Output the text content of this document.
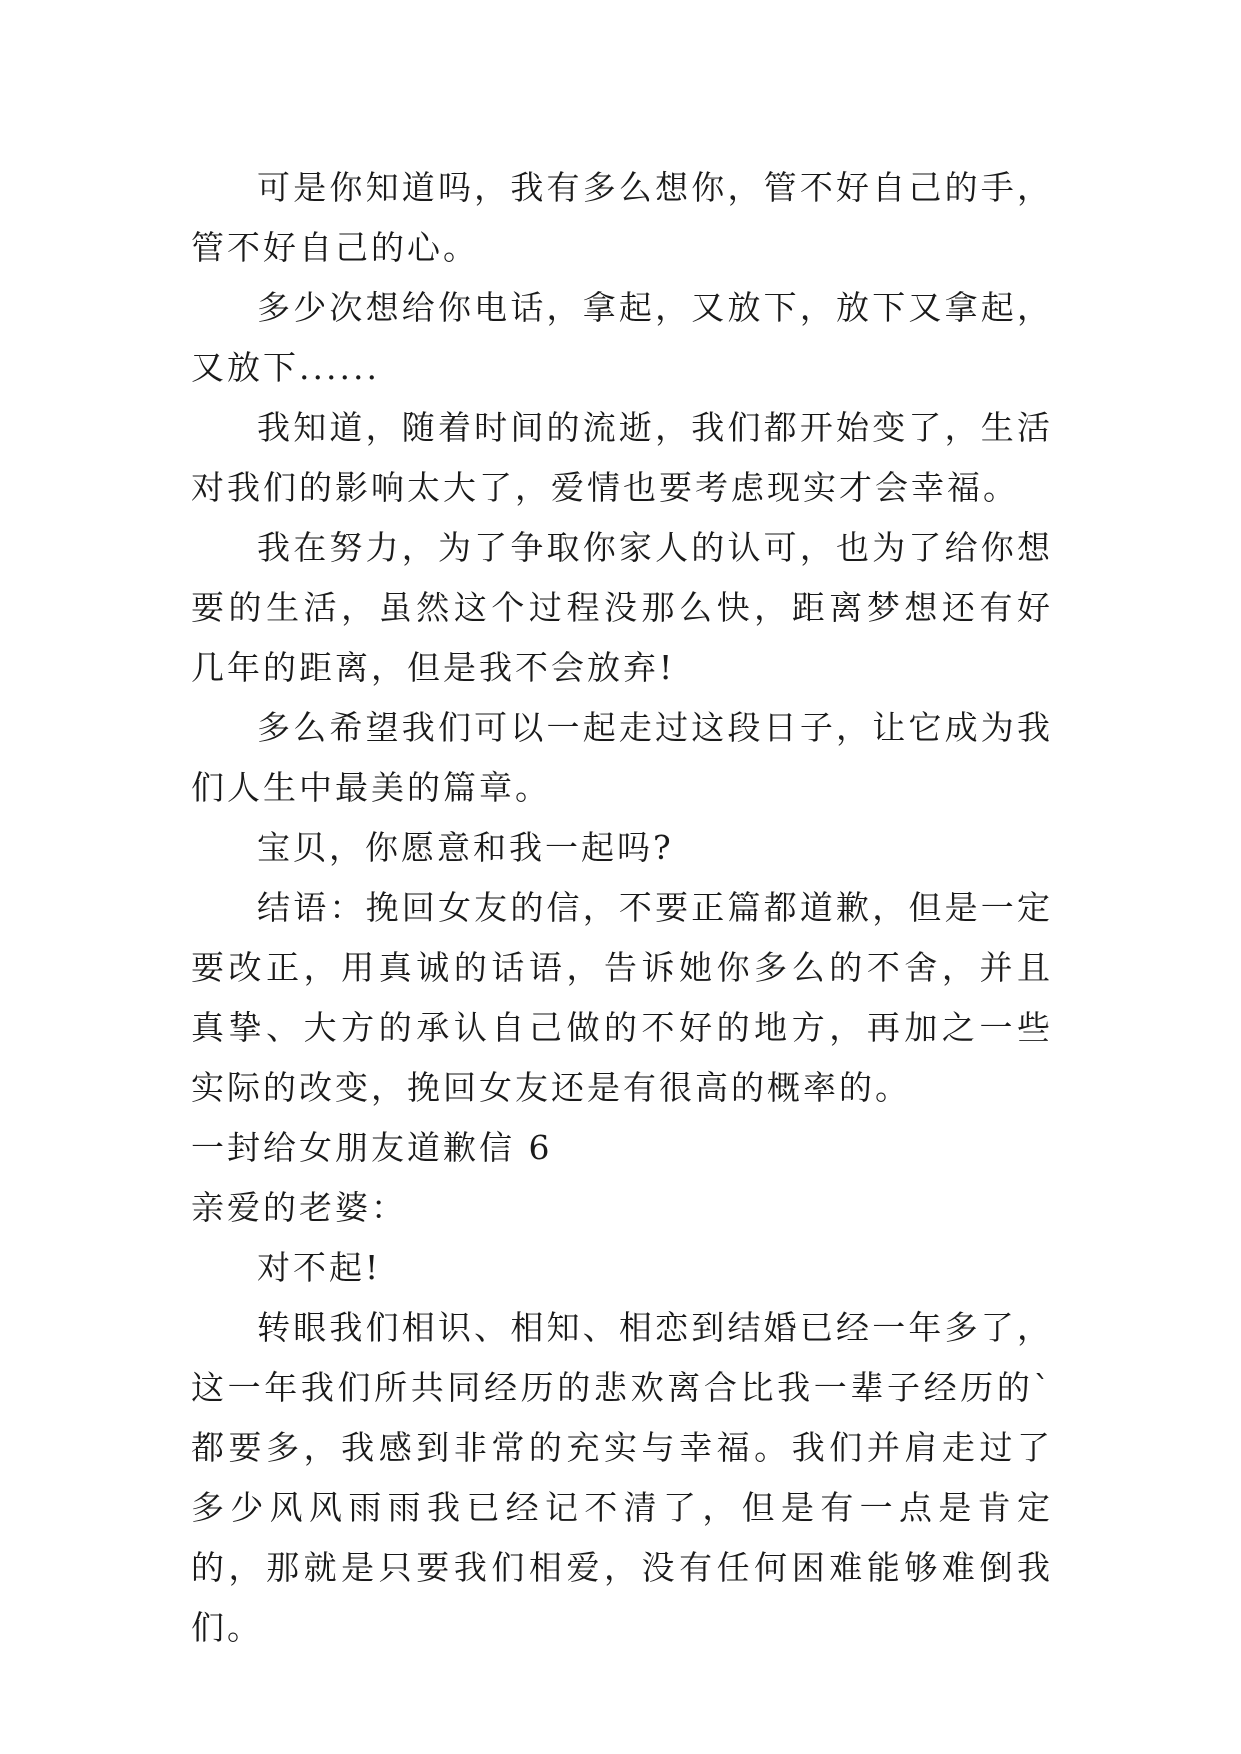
可是你知道吗，我有多么想你，管不好自己的手，管不好自己的心。

多少次想给你电话，拿起，又放下，放下又拿起，又放下......

我知道，随着时间的流逝，我们都开始变了，生活对我们的影响太大了，爱情也要考虑现实才会幸福。

我在努力，为了争取你家人的认可，也为了给你想要的生活，虽然这个过程没那么快，距离梦想还有好几年的距离，但是我不会放弃!

多么希望我们可以一起走过这段日子，让它成为我们人生中最美的篇章。

宝贝，你愿意和我一起吗?

结语：挽回女友的信，不要正篇都道歉，但是一定要改正，用真诚的话语，告诉她你多么的不舍，并且真挚、大方的承认自己做的不好的地方，再加之一些实际的改变，挽回女友还是有很高的概率的。

一封给女朋友道歉信 6

亲爱的老婆：

对不起!

转眼我们相识、相知、相恋到结婚已经一年多了，这一年我们所共同经历的悲欢离合比我一辈子经历的`都要多，我感到非常的充实与幸福。我们并肩走过了多少风风雨雨我已经记不清了，但是有一点是肯定的，那就是只要我们相爱，没有任何困难能够难倒我们。
